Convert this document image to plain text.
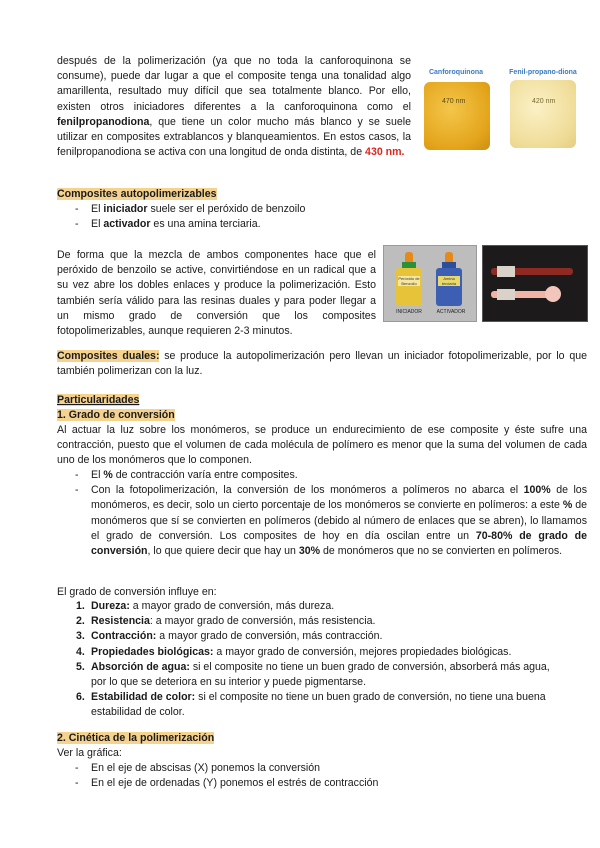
después de la polimerización (ya que no toda la canforoquinona se consume), puede dar lugar a que el composite tenga una tonalidad algo amarillenta, resultado muy difícil que sea totalmente blanco. Por ello, existen otros iniciadores diferentes a la canforoquinona como el fenilpropanodiona, que tiene un color mucho más blanco y se suele utilizar en composites extrablancos y blanqueamientos. En estos casos, la fenilpropanodiona se activa con una longitud de onda distinta, de 430 nm.
Canforoquinona	Fenil-propano-diona
470 nm	420 nm
Composites autopolimerizables
- El iniciador suele ser el peróxido de benzoilo
- El activador es una amina terciaria.
De forma que la mezcla de ambos componentes hace que el peróxido de benzoilo se active, convirtiéndose en un radical que a su vez abre los dobles enlaces y produce la polimerización. Esto también sería válido para las resinas duales y para poder llegar a un mismo grado de conversión que los composites fotopolimerizables, aunque requieren 2-3 minutos.
Peróxido de Benzoilo
Amina terciaria
INICIADOR	ACTIVADOR
Composites duales: se produce la autopolimerización pero llevan un iniciador fotopolimerizable, por lo que también polimerizan con la luz.
Particularidades
1. Grado de conversión
Al actuar la luz sobre los monómeros, se produce un endurecimiento de ese composite y éste sufre una contracción, puesto que el volumen de cada molécula de polímero es menor que la suma del volumen de cada uno de los monómeros que lo componen.
- El % de contracción varía entre composites.
- Con la fotopolimerización, la conversión de los monómeros a polímeros no abarca el 100% de los monómeros, es decir, solo un cierto porcentaje de los monómeros se convierte en polímeros: a este % de monómeros que sí se convierten en polímeros (debido al número de enlaces que se abren), lo llamamos el grado de conversión. Los composites de hoy en día oscilan entre un 70-80% de grado de conversión, lo que quiere decir que hay un 30% de monómeros que no se convierten en polímeros.
El grado de conversión influye en:
1. Dureza: a mayor grado de conversión, más dureza.
2. Resistencia: a mayor grado de conversión, más resistencia.
3. Contracción: a mayor grado de conversión, más contracción.
4. Propiedades biológicas: a mayor grado de conversión, mejores propiedades biológicas.
5. Absorción de agua: si el composite no tiene un buen grado de conversión, absorberá más agua, por lo que se deteriora en su interior y puede pigmentarse.
6. Estabilidad de color: si el composite no tiene un buen grado de conversión, no tiene una buena estabilidad de color.
2. Cinética de la polimerización
Ver la gráfica:
- En el eje de abscisas (X) ponemos la conversión
- En el eje de ordenadas (Y) ponemos el estrés de contracción
